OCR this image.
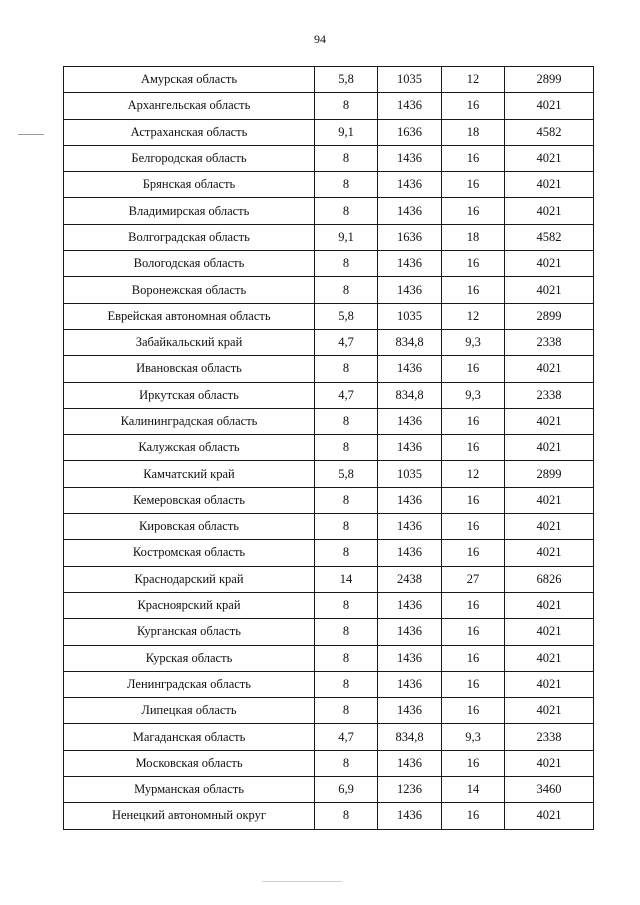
94
Амурская область	5,8	1035	12	2899
Архангельская область	8	1436	16	4021
Астраханская область	9,1	1636	18	4582
Белгородская область	8	1436	16	4021
Брянская область	8	1436	16	4021
Владимирская область	8	1436	16	4021
Волгоградская область	9,1	1636	18	4582
Вологодская область	8	1436	16	4021
Воронежская область	8	1436	16	4021
Еврейская автономная область	5,8	1035	12	2899
Забайкальский край	4,7	834,8	9,3	2338
Ивановская область	8	1436	16	4021
Иркутская область	4,7	834,8	9,3	2338
Калининградская область	8	1436	16	4021
Калужская область	8	1436	16	4021
Камчатский край	5,8	1035	12	2899
Кемеровская область	8	1436	16	4021
Кировская область	8	1436	16	4021
Костромская область	8	1436	16	4021
Краснодарский край	14	2438	27	6826
Красноярский край	8	1436	16	4021
Курганская область	8	1436	16	4021
Курская область	8	1436	16	4021
Ленинградская область	8	1436	16	4021
Липецкая область	8	1436	16	4021
Магаданская область	4,7	834,8	9,3	2338
Московская область	8	1436	16	4021
Мурманская область	6,9	1236	14	3460
Ненецкий автономный округ	8	1436	16	4021
